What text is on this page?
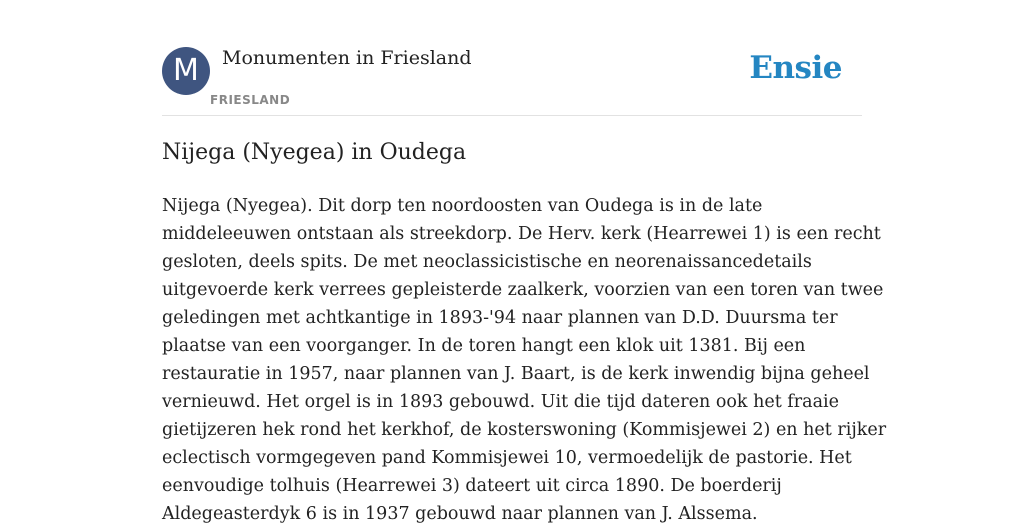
M	Monumenten in Friesland
FRIESLAND
Ensie
Nijega (Nyegea) in Oudega
Nijega (Nyegea). Dit dorp ten noordoosten van Oudega is in de late
middeleeuwen ontstaan als streekdorp. De Herv. kerk (Hearrewei 1) is een recht
gesloten, deels spits. De met neoclassicistische en neorenaissancedetails
uitgevoerde kerk verrees gepleisterde zaalkerk, voorzien van een toren van twee
geledingen met achtkantige in 1893-'94 naar plannen van D.D. Duursma ter
plaatse van een voorganger. In de toren hangt een klok uit 1381. Bij een
restauratie in 1957, naar plannen van J. Baart, is de kerk inwendig bijna geheel
vernieuwd. Het orgel is in 1893 gebouwd. Uit die tijd dateren ook het fraaie
gietijzeren hek rond het kerkhof, de kosterswoning (Kommisjewei 2) en het rijker
eclectisch vormgegeven pand Kommisjewei 10, vermoedelijk de pastorie. Het
eenvoudige tolhuis (Hearrewei 3) dateert uit circa 1890. De boerderij
Aldegeasterdyk 6 is in 1937 gebouwd naar plannen van J. Alssema.
